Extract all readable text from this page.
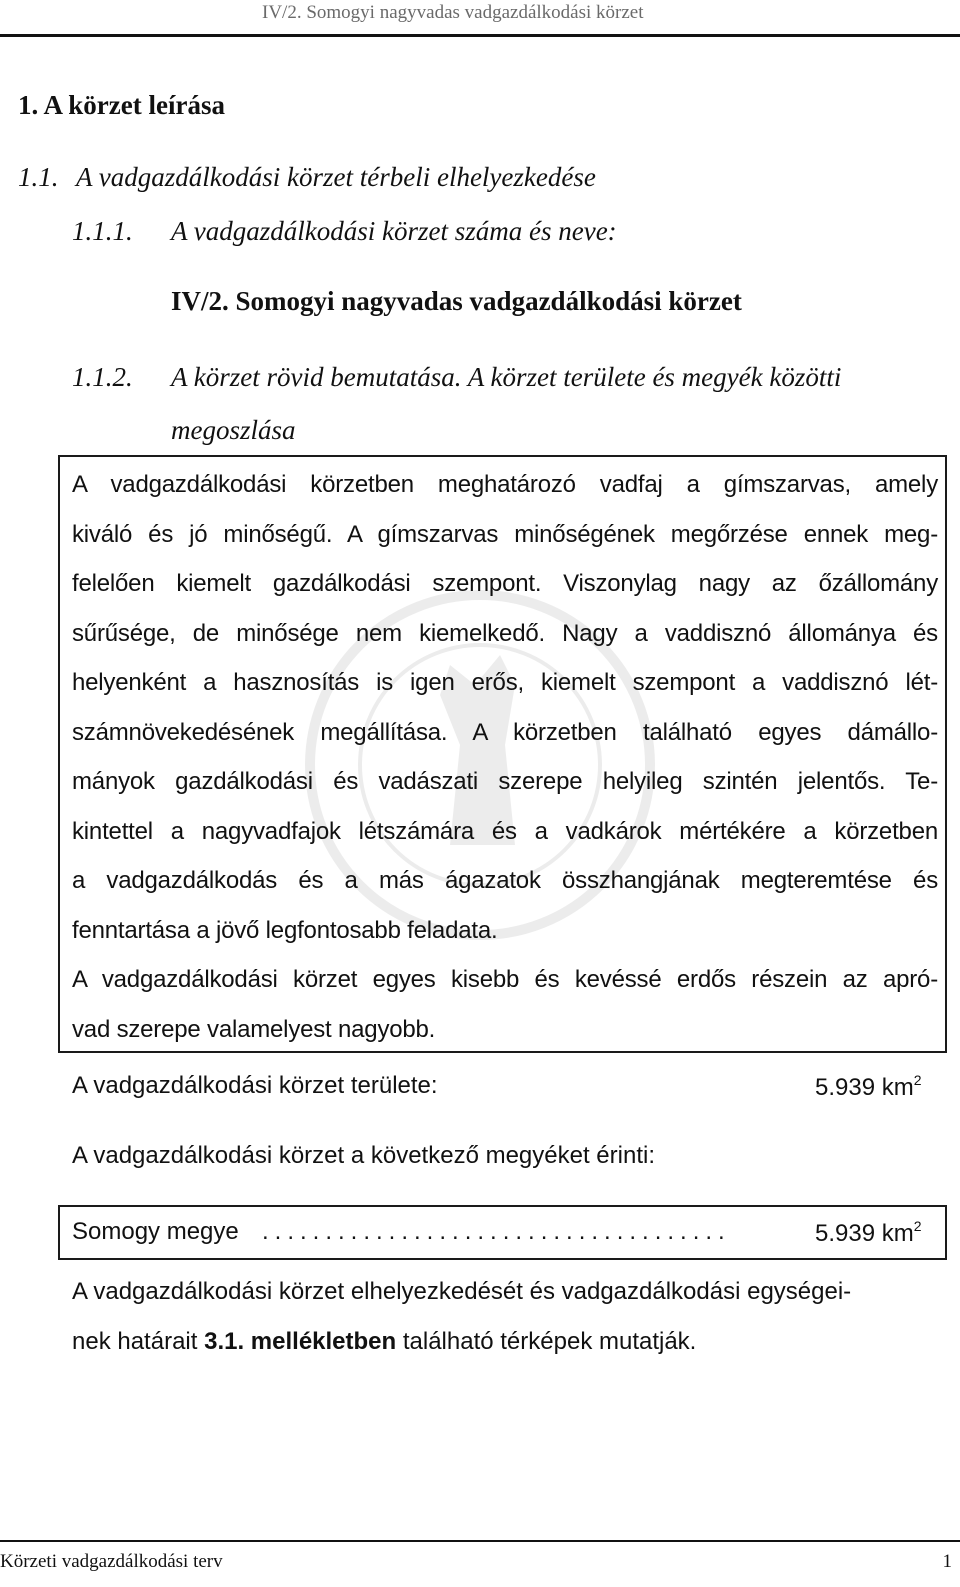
IV/2. Somogyi nagyvadas vadgazdálkodási körzet
1. A körzet leírása
1.1. A vadgazdálkodási körzet térbeli elhelyezkedése
1.1.1. A vadgazdálkodási körzet száma és neve:
IV/2. Somogyi nagyvadas vadgazdálkodási körzet
1.1.2. A körzet rövid bemutatása. A körzet területe és megyék közötti
megoszlása
A vadgazdálkodási körzetben meghatározó vadfaj a gímszarvas, amely
kiváló és jó minőségű. A gímszarvas minőségének megőrzése ennek meg-
felelően kiemelt gazdálkodási szempont. Viszonylag nagy az őzállomány
sűrűsége, de minősége nem kiemelkedő. Nagy a vaddisznó állománya és
helyenként a hasznosítás is igen erős, kiemelt szempont a vaddisznó lét-
számnövekedésének megállítása. A körzetben található egyes dámállo-
mányok gazdálkodási és vadászati szerepe helyileg szintén jelentős. Te-
kintettel a nagyvadfajok létszámára és a vadkárok mértékére a körzetben
a vadgazdálkodás és a más ágazatok összhangjának megteremtése és
fenntartása a jövő legfontosabb feladata.
A vadgazdálkodási körzet egyes kisebb és kevéssé erdős részein az apró-
vad szerepe valamelyest nagyobb.
A vadgazdálkodási körzet területe:	5.939 $km^2$
A vadgazdálkodási körzet a következő megyéket érinti:
Somogy megye .....................................	5.939 $km^2$
A vadgazdálkodási körzet elhelyezkedését és vadgazdálkodási egységei-
nek határait 3.1. mellékletben található térképek mutatják.
Körzeti vadgazdálkodási terv	1
